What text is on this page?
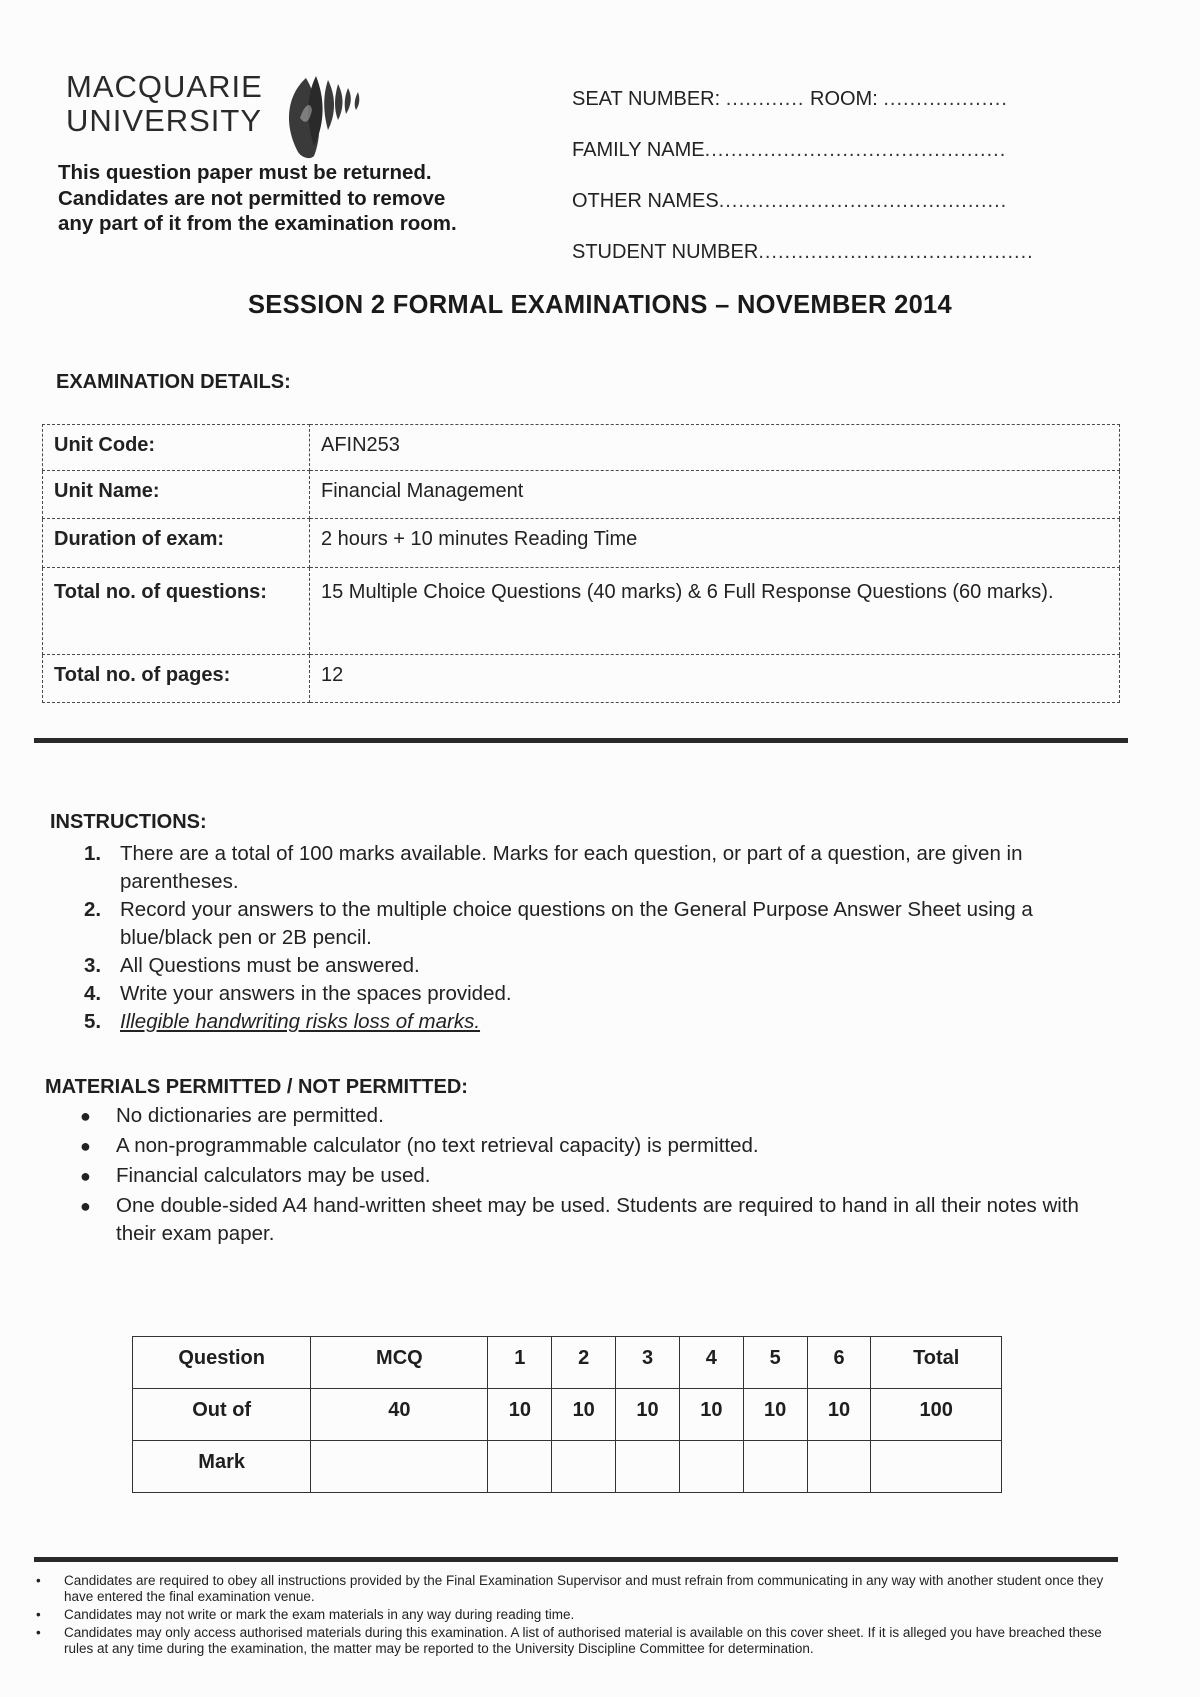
MACQUARIE
UNIVERSITY
This question paper must be returned.
Candidates are not permitted to remove
any part of it from the examination room.
SEAT NUMBER: ............ ROOM: ...................
FAMILY NAME..............................................
OTHER NAMES............................................
STUDENT NUMBER..........................................
SESSION 2 FORMAL EXAMINATIONS – NOVEMBER 2014
EXAMINATION DETAILS:
Unit Code:	AFIN253
Unit Name:	Financial Management
Duration of exam:	2 hours + 10 minutes Reading Time
Total no. of questions:	15 Multiple Choice Questions (40 marks) & 6 Full Response Questions (60 marks).
Total no. of pages:	12
INSTRUCTIONS:
1. There are a total of 100 marks available. Marks for each question, or part of a question, are given in parentheses.
2. Record your answers to the multiple choice questions on the General Purpose Answer Sheet using a blue/black pen or 2B pencil.
3. All Questions must be answered.
4. Write your answers in the spaces provided.
5. Illegible handwriting risks loss of marks.
MATERIALS PERMITTED / NOT PERMITTED:
● No dictionaries are permitted.
● A non-programmable calculator (no text retrieval capacity) is permitted.
● Financial calculators may be used.
● One double-sided A4 hand-written sheet may be used. Students are required to hand in all their notes with their exam paper.
Question	MCQ	1	2	3	4	5	6	Total
Out of	40	10	10	10	10	10	10	100
Mark								
• Candidates are required to obey all instructions provided by the Final Examination Supervisor and must refrain from communicating in any way with another student once they have entered the final examination venue.
• Candidates may not write or mark the exam materials in any way during reading time.
• Candidates may only access authorised materials during this examination. A list of authorised material is available on this cover sheet. If it is alleged you have breached these rules at any time during the examination, the matter may be reported to the University Discipline Committee for determination.
